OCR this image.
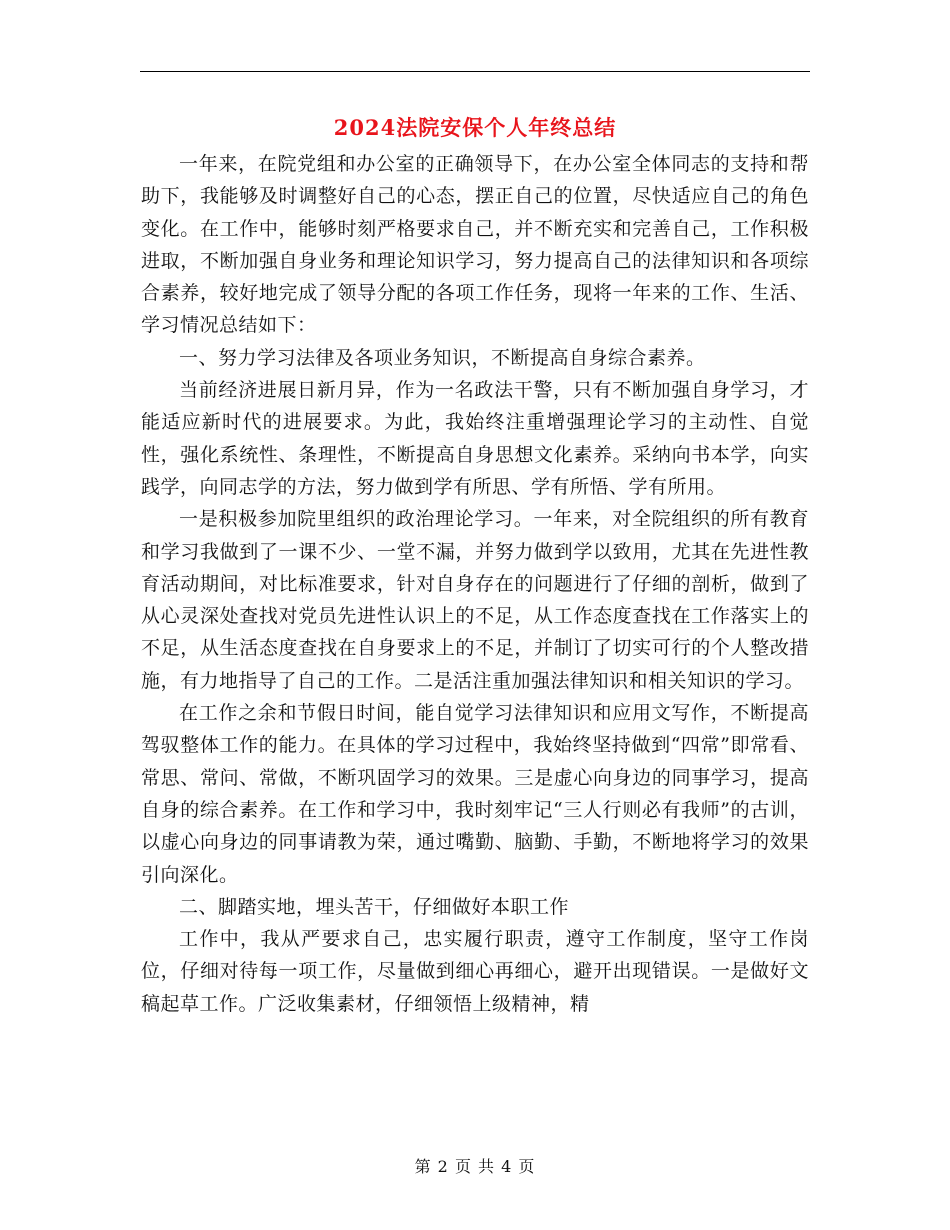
2024法院安保个人年终总结

一年来，在院党组和办公室的正确领导下，在办公室全体同志的支持和帮助下，我能够及时调整好自己的心态，摆正自己的位置，尽快适应自己的角色变化。在工作中，能够时刻严格要求自己，并不断充实和完善自己，工作积极进取，不断加强自身业务和理论知识学习，努力提高自己的法律知识和各项综合素养，较好地完成了领导分配的各项工作任务，现将一年来的工作、生活、学习情况总结如下：

一、努力学习法律及各项业务知识，不断提高自身综合素养。

当前经济进展日新月异，作为一名政法干警，只有不断加强自身学习，才能适应新时代的进展要求。为此，我始终注重增强理论学习的主动性、自觉性，强化系统性、条理性，不断提高自身思想文化素养。采纳向书本学，向实践学，向同志学的方法，努力做到学有所思、学有所悟、学有所用。

一是积极参加院里组织的政治理论学习。一年来，对全院组织的所有教育和学习我做到了一课不少、一堂不漏，并努力做到学以致用，尤其在先进性教育活动期间，对比标准要求，针对自身存在的问题进行了仔细的剖析，做到了从心灵深处查找对党员先进性认识上的不足，从工作态度查找在工作落实上的不足，从生活态度查找在自身要求上的不足，并制订了切实可行的个人整改措施，有力地指导了自己的工作。二是活注重加强法律知识和相关知识的学习。

在工作之余和节假日时间，能自觉学习法律知识和应用文写作，不断提高驾驭整体工作的能力。在具体的学习过程中，我始终坚持做到“四常”即常看、常思、常问、常做，不断巩固学习的效果。三是虚心向身边的同事学习，提高自身的综合素养。在工作和学习中，我时刻牢记“三人行则必有我师”的古训，以虚心向身边的同事请教为荣，通过嘴勤、脑勤、手勤，不断地将学习的效果引向深化。

二、脚踏实地，埋头苦干，仔细做好本职工作

工作中，我从严要求自己，忠实履行职责，遵守工作制度，坚守工作岗位，仔细对待每一项工作，尽量做到细心再细心，避开出现错误。一是做好文稿起草工作。广泛收集素材，仔细领悟上级精神，精

第 2 页 共 4 页
